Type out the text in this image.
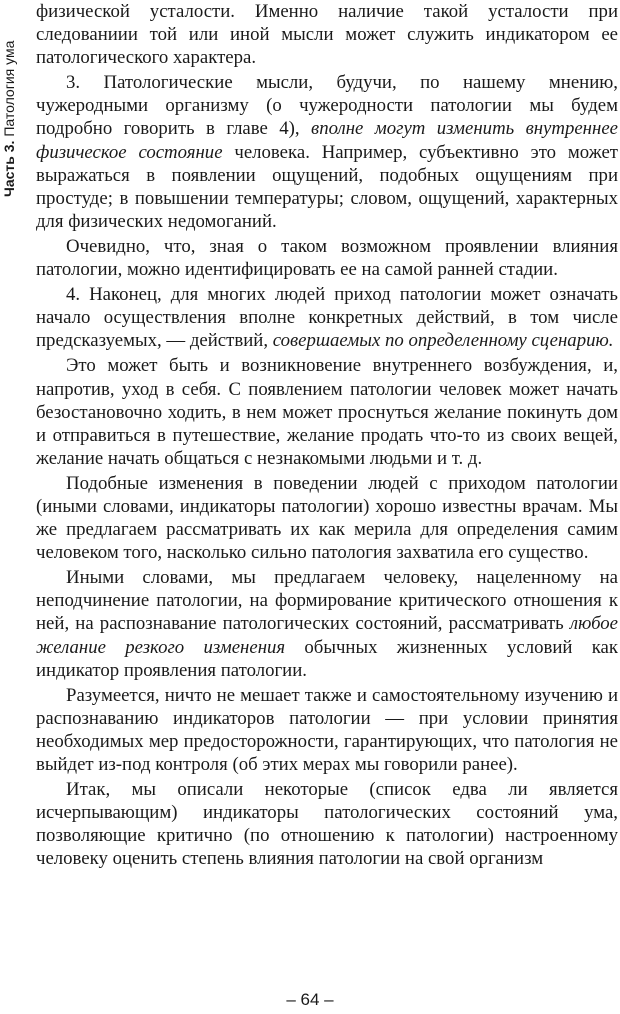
Часть 3. Патология ума

физической усталости. Именно наличие такой усталости при следованиии той или иной мысли может служить индикатором ее патологического характера.

3. Патологические мысли, будучи, по нашему мнению, чужеродными организму (о чужеродности патологии мы будем подробно говорить в главе 4), вполне могут изменить внутреннее физическое состояние человека. Например, субъективно это может выражаться в появлении ощущений, подобных ощущениям при простуде; в повышении температуры; словом, ощущений, характерных для физических недомоганий.

Очевидно, что, зная о таком возможном проявлении влияния патологии, можно идентифицировать ее на самой ранней стадии.

4. Наконец, для многих людей приход патологии может означать начало осуществления вполне конкретных действий, в том числе предсказуемых, — действий, совершаемых по определенному сценарию.

Это может быть и возникновение внутреннего возбуждения, и, напротив, уход в себя. С появлением патологии человек может начать безостановочно ходить, в нем может проснуться желание покинуть дом и отправиться в путешествие, желание продать что-то из своих вещей, желание начать общаться с незнакомыми людьми и т. д.

Подобные изменения в поведении людей с приходом патологии (иными словами, индикаторы патологии) хорошо известны врачам. Мы же предлагаем рассматривать их как мерила для определения самим человеком того, насколько сильно патология захватила его существо.

Иными словами, мы предлагаем человеку, нацеленному на неподчинение патологии, на формирование критического отношения к ней, на распознавание патологических состояний, рассматривать любое желание резкого изменения обычных жизненных условий как индикатор проявления патологии.

Разумеется, ничто не мешает также и самостоятельному изучению и распознаванию индикаторов патологии — при условии принятия необходимых мер предосторожности, гарантирующих, что патология не выйдет из-под контроля (об этих мерах мы говорили ранее).

Итак, мы описали некоторые (список едва ли является исчерпывающим) индикаторы патологических состояний ума, позволяющие критично (по отношению к патологии) настроенному человеку оценить степень влияния патологии на свой организм

– 64 –
